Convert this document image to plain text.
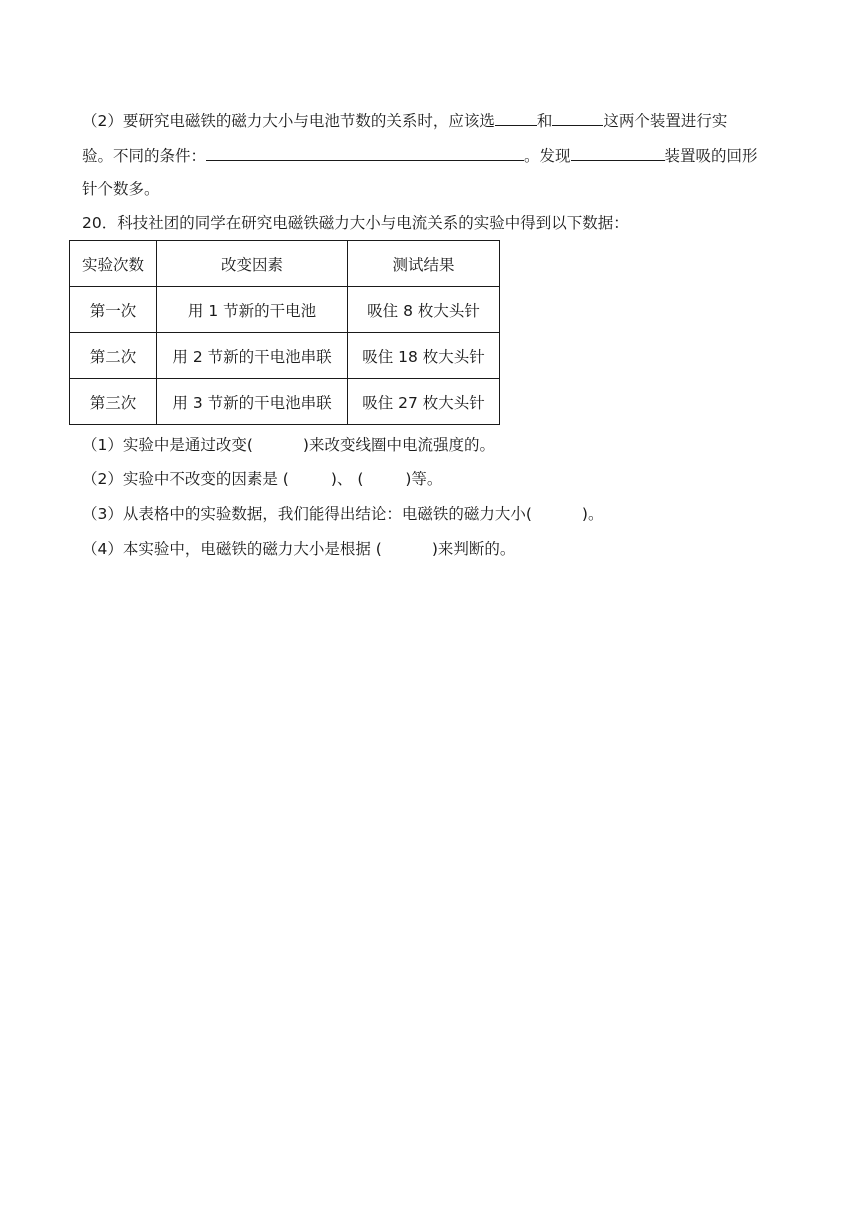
（2）要研究电磁铁的磁力大小与电池节数的关系时，应该选	和	这两个装置进行实
验。不同的条件：	。发现	装置吸的回形
针个数多。
20．科技社团的同学在研究电磁铁磁力大小与电流关系的实验中得到以下数据：
实验次数	改变因素	测试结果
第一次	用 1 节新的干电池	吸住 8 枚大头针
第二次	用 2 节新的干电池串联	吸住 18 枚大头针
第三次	用 3 节新的干电池串联	吸住 27 枚大头针
（1）实验中是通过改变(	)来改变线圈中电流强度的。
（2）实验中不改变的因素是 (	)、 (	)等。
（3）从表格中的实验数据，我们能得出结论：电磁铁的磁力大小(	)。
（4）本实验中，电磁铁的磁力大小是根据 (	)来判断的。
